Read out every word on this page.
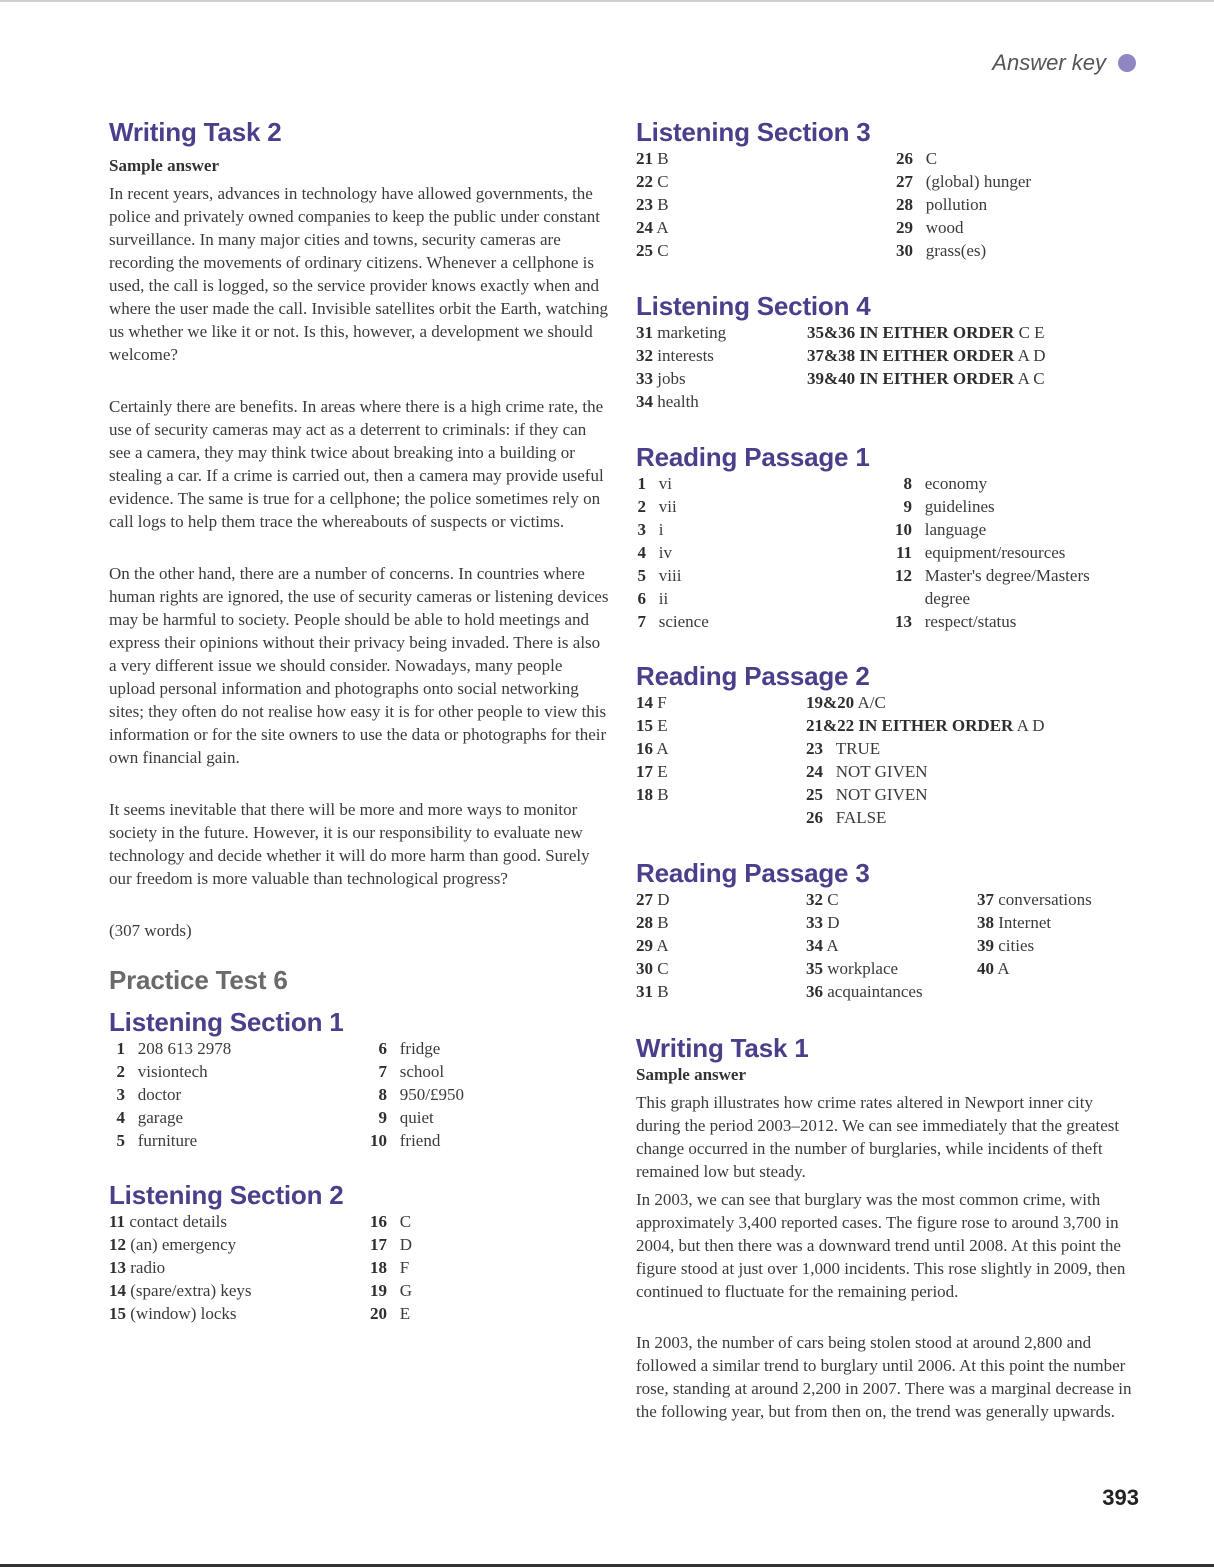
Answer key
Writing Task 2
Sample answer

In recent years, advances in technology have allowed governments, the police and privately owned companies to keep the public under constant surveillance. In many major cities and towns, security cameras are recording the movements of ordinary citizens. Whenever a cellphone is used, the call is logged, so the service provider knows exactly when and where the user made the call. Invisible satellites orbit the Earth, watching us whether we like it or not. Is this, however, a development we should welcome?

Certainly there are benefits. In areas where there is a high crime rate, the use of security cameras may act as a deterrent to criminals: if they can see a camera, they may think twice about breaking into a building or stealing a car. If a crime is carried out, then a camera may provide useful evidence. The same is true for a cellphone; the police sometimes rely on call logs to help them trace the whereabouts of suspects or victims.

On the other hand, there are a number of concerns. In countries where human rights are ignored, the use of security cameras or listening devices may be harmful to society. People should be able to hold meetings and express their opinions without their privacy being invaded. There is also a very different issue we should consider. Nowadays, many people upload personal information and photographs onto social networking sites; they often do not realise how easy it is for other people to view this information or for the site owners to use the data or photographs for their own financial gain.

It seems inevitable that there will be more and more ways to monitor society in the future. However, it is our responsibility to evaluate new technology and decide whether it will do more harm than good. Surely our freedom is more valuable than technological progress?

(307 words)

Practice Test 6
Listening Section 1
1 208 613 2978
2 visiontech
3 doctor
4 garage
5 furniture
6 fridge
7 school
8 950/£950
9 quiet
10 friend
Listening Section 2
11 contact details
12 (an) emergency
13 radio
14 (spare/extra) keys
15 (window) locks
16 C
17 D
18 F
19 G
20 E
Listening Section 3
21 B
22 C
23 B
24 A
25 C
26 C
27 (global) hunger
28 pollution
29 wood
30 grass(es)
Listening Section 4
31 marketing
32 interests
33 jobs
34 health
35&36 IN EITHER ORDER C E
37&38 IN EITHER ORDER A D
39&40 IN EITHER ORDER A C
Reading Passage 1
1 vi
2 vii
3 i
4 iv
5 viii
6 ii
7 science
8 economy
9 guidelines
10 language
11 equipment/resources
12 Master's degree/Masters
degree
13 respect/status
Reading Passage 2
14 F
15 E
16 A
17 E
18 B
19&20 A/C
21&22 IN EITHER ORDER A D
23 TRUE
24 NOT GIVEN
25 NOT GIVEN
26 FALSE
Reading Passage 3
27 D
28 B
29 A
30 C
31 B
32 C
33 D
34 A
35 workplace
36 acquaintances
37 conversations
38 Internet
39 cities
40 A
Writing Task 1
Sample answer

This graph illustrates how crime rates altered in Newport inner city during the period 2003–2012. We can see immediately that the greatest change occurred in the number of burglaries, while incidents of theft remained low but steady.

In 2003, we can see that burglary was the most common crime, with approximately 3,400 reported cases. The figure rose to around 3,700 in 2004, but then there was a downward trend until 2008. At this point the figure stood at just over 1,000 incidents. This rose slightly in 2009, then continued to fluctuate for the remaining period.

In 2003, the number of cars being stolen stood at around 2,800 and followed a similar trend to burglary until 2006. At this point the number rose, standing at around 2,200 in 2007. There was a marginal decrease in the following year, but from then on, the trend was generally upwards.

393
